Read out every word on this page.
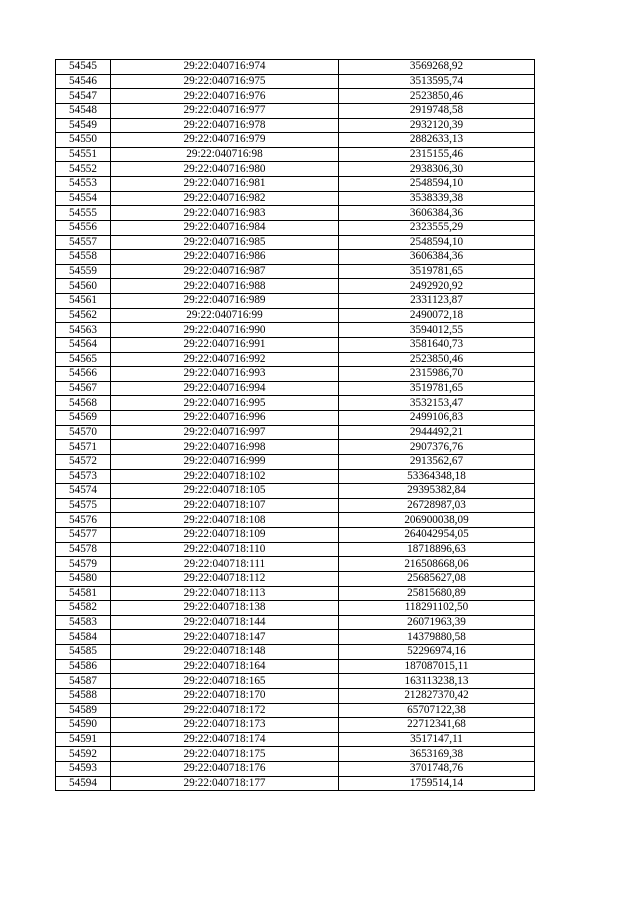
54545	29:22:040716:974	3569268,92
54546	29:22:040716:975	3513595,74
54547	29:22:040716:976	2523850,46
54548	29:22:040716:977	2919748,58
54549	29:22:040716:978	2932120,39
54550	29:22:040716:979	2882633,13
54551	29:22:040716:98	2315155,46
54552	29:22:040716:980	2938306,30
54553	29:22:040716:981	2548594,10
54554	29:22:040716:982	3538339,38
54555	29:22:040716:983	3606384,36
54556	29:22:040716:984	2323555,29
54557	29:22:040716:985	2548594,10
54558	29:22:040716:986	3606384,36
54559	29:22:040716:987	3519781,65
54560	29:22:040716:988	2492920,92
54561	29:22:040716:989	2331123,87
54562	29:22:040716:99	2490072,18
54563	29:22:040716:990	3594012,55
54564	29:22:040716:991	3581640,73
54565	29:22:040716:992	2523850,46
54566	29:22:040716:993	2315986,70
54567	29:22:040716:994	3519781,65
54568	29:22:040716:995	3532153,47
54569	29:22:040716:996	2499106,83
54570	29:22:040716:997	2944492,21
54571	29:22:040716:998	2907376,76
54572	29:22:040716:999	2913562,67
54573	29:22:040718:102	53364348,18
54574	29:22:040718:105	29395382,84
54575	29:22:040718:107	26728987,03
54576	29:22:040718:108	206900038,09
54577	29:22:040718:109	264042954,05
54578	29:22:040718:110	18718896,63
54579	29:22:040718:111	216508668,06
54580	29:22:040718:112	25685627,08
54581	29:22:040718:113	25815680,89
54582	29:22:040718:138	118291102,50
54583	29:22:040718:144	26071963,39
54584	29:22:040718:147	14379880,58
54585	29:22:040718:148	52296974,16
54586	29:22:040718:164	187087015,11
54587	29:22:040718:165	163113238,13
54588	29:22:040718:170	212827370,42
54589	29:22:040718:172	65707122,38
54590	29:22:040718:173	22712341,68
54591	29:22:040718:174	3517147,11
54592	29:22:040718:175	3653169,38
54593	29:22:040718:176	3701748,76
54594	29:22:040718:177	1759514,14
